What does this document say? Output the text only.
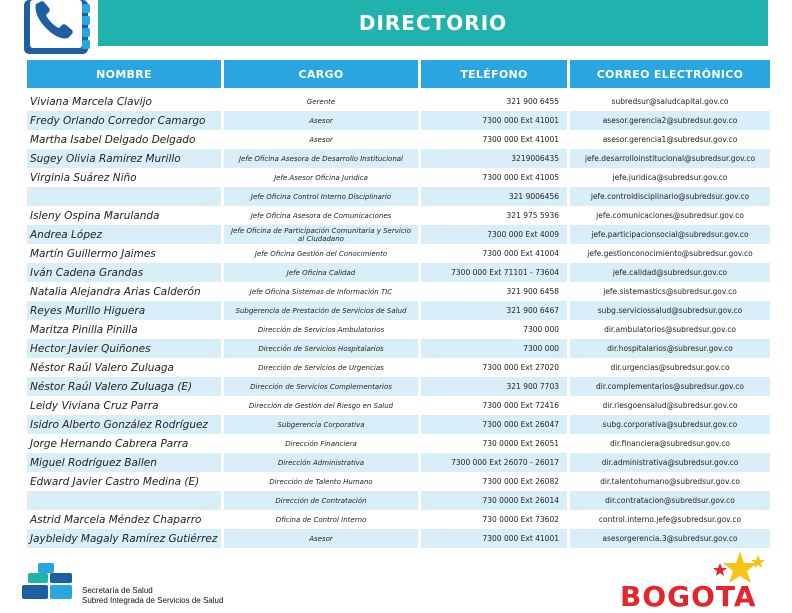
DIRECTORIO
NOMBRE	CARGO	TELÉFONO	CORREO ELECTRÓNICO

Viviana Marcela Clavijo	Gerente	321 900 6455	subredsur@saludcapital.gov.co
Fredy Orlando Corredor Camargo	Asesor	7300 000 Ext 41001	asesor.gerencia2@subredsur.gov.co
Martha Isabel Delgado Delgado	Asesor	7300 000 Ext 41001	asesor.gerencia1@subredsur.gov.co
Sugey Olivia Ramirez Murillo	Jefe Oficina Asesora de Desarrollo Institucional	3219006435	jefe.desarrolloinstitucional@subredsur.gov.co
Virginia Suárez Niño	Jefe.Asesor Oficina Juridica	7300 000 Ext 41005	jefe.juridica@subredsur.gov.co
	Jefe Oficina Control Interno Disciplinario	321 9006456	jefe.controldisciplinario@subredsur.gov.co
Isleny Ospina Marulanda	Jefe Oficina Asesora de Comunicaciones	321 975 5936	jefe.comunicaciones@subredsur.gov.co
Andrea López	Jefe Oficina de Participación Comunitaria y Servicio al Ciudadano	7300 000 Ext 4009	jefe.participacionsocial@subredsur.gov.co
Martín Guillermo Jaimes	Jefe Oficina Gestión del Conocimiento	7300 000 Ext 41004	jefe.gestionconocimiento@subredsur.gov.co
Iván Cadena Grandas	Jefe Oficina Calidad	7300 000 Ext 71101 - 73604	jefe.calidad@subredsur.gov.co
Natalia Alejandra Arias Calderón	Jefe Oficina Sistemas de Información TIC	321 900 6458	jefe.sistemastics@subredsur.gov.co
Reyes Murillo Higuera	Subgerencia de Prestación de Servicios de Salud	321 900 6467	subg.serviciossalud@subredsur.gov.co
Maritza Pinilla Pinilla	Dirección de Servicios Ambulatorios	7300 000	dir.ambulatorios@subredsur.gov.co
Hector Javier Quiñones	Dirección de Servicios Hospitalarios	7300 000	dir.hospitalarios@subresur.gov.co
Néstor Raúl Valero Zuluaga	Dirección de Servicios de Urgencias	7300 000 Ext 27020	dir.urgencias@subredsur.gov.co
Néstor Raúl Valero Zuluaga (E)	Dirección de Servicios Complementarios	321 900 7703	dir.complementarios@subredsur.gov.co
Leidy Viviana Cruz Parra	Dirección de Gestión del Riesgo en Salud	7300 000 Ext 72416	dir.riesgoensalud@subredsur.gov.co
Isidro Alberto González Rodríguez	Subgerencia Corporativa	7300 000 Ext 26047	subg.corporativa@subredsur.gov.co
Jorge Hernando Cabrera Parra	Dirección Financiera	730 0000 Ext 26051	dir.financiera@subredsur.gov.co
Miguel Rodríguez Ballen	Dirección Administrativa	7300 000 Ext 26070 - 26017	dir.administrativa@subredsur.gov.co
Edward Javier Castro Medina (E)	Dirección de Talento Humano	7300 000 Ext 26082	dir.talentohumano@subredsur.gov.co
	Dirección de Contratación	730 0000 Ext 26014	dir.contratacion@subredsur.gov.co
Astrid Marcela Méndez Chaparro	Oficina de Control Interno	730 0000 Ext 73602	control.interno.jefe@subredsur.gov.co
Jaybleidy Magaly Ramírez Gutiérrez	Asesor	7300 000 Ext 41001	asesorgerencia.3@subredsur.gov.co
Secretaría de Salud
Subred Integrada de Servicios de Salud	BOGOTA
